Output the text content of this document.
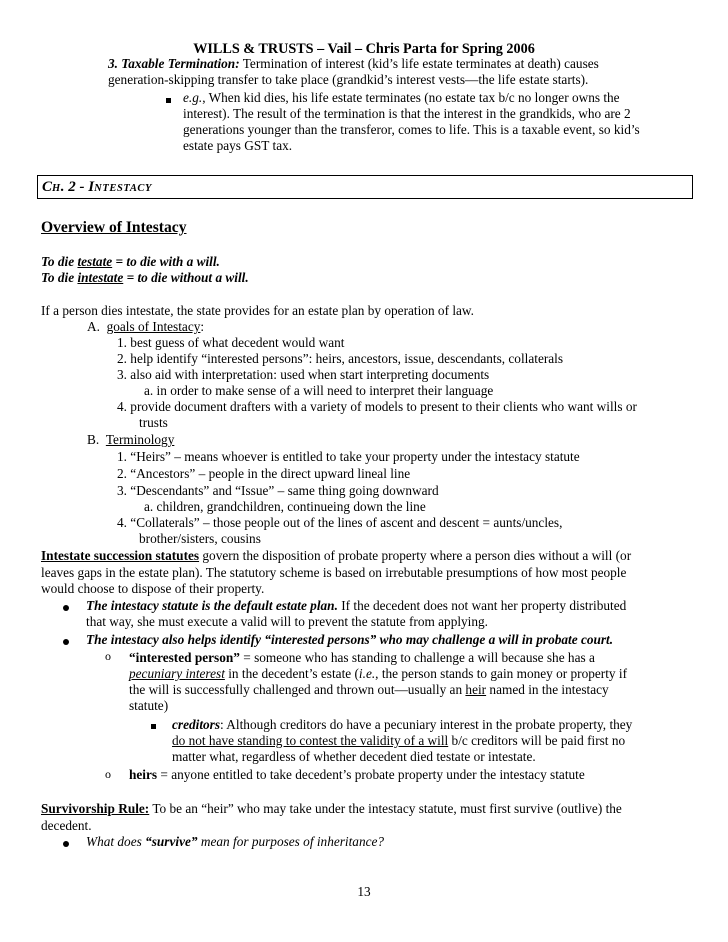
WILLS & TRUSTS – Vail – Chris Parta for Spring 2006
3. Taxable Termination: Termination of interest (kid’s life estate terminates at death) causes
generation-skipping transfer to take place (grandkid’s interest vests—the life estate starts).
e.g., When kid dies, his life estate terminates (no estate tax b/c no longer owns the
interest). The result of the termination is that the interest in the grandkids, who are 2
generations younger than the transferor, comes to life. This is a taxable event, so kid’s
estate pays GST tax.
CH. 2 - INTESTACY
Overview of Intestacy
To die testate = to die with a will.
To die intestate = to die without a will.
If a person dies intestate, the state provides for an estate plan by operation of law.
A. goals of Intestacy:
1. best guess of what decedent would want
2. help identify “interested persons”: heirs, ancestors, issue, descendants, collaterals
3. also aid with interpretation: used when start interpreting documents
a. in order to make sense of a will need to interpret their language
4. provide document drafters with a variety of models to present to their clients who want wills or
trusts
B. Terminology
1. “Heirs” – means whoever is entitled to take your property under the intestacy statute
2. “Ancestors” – people in the direct upward lineal line
3. “Descendants” and “Issue” – same thing going downward
a. children, grandchildren, continueing down the line
4. “Collaterals” – those people out of the lines of ascent and descent = aunts/uncles,
brother/sisters, cousins
Intestate succession statutes govern the disposition of probate property where a person dies without a will (or
leaves gaps in the estate plan). The statutory scheme is based on irrebutable presumptions of how most people
would choose to dispose of their property.
The intestacy statute is the default estate plan. If the decedent does not want her property distributed
that way, she must execute a valid will to prevent the statute from applying.
The intestacy also helps identify “interested persons” who may challenge a will in probate court.
o “interested person” = someone who has standing to challenge a will because she has a
pecuniary interest in the decedent’s estate (i.e., the person stands to gain money or property if
the will is successfully challenged and thrown out—usually an heir named in the intestacy
statute)
creditors: Although creditors do have a pecuniary interest in the probate property, they
do not have standing to contest the validity of a will b/c creditors will be paid first no
matter what, regardless of whether decedent died testate or intestate.
o heirs = anyone entitled to take decedent’s probate property under the intestacy statute
Survivorship Rule: To be an “heir” who may take under the intestacy statute, must first survive (outlive) the
decedent.
What does “survive” mean for purposes of inheritance?
13
